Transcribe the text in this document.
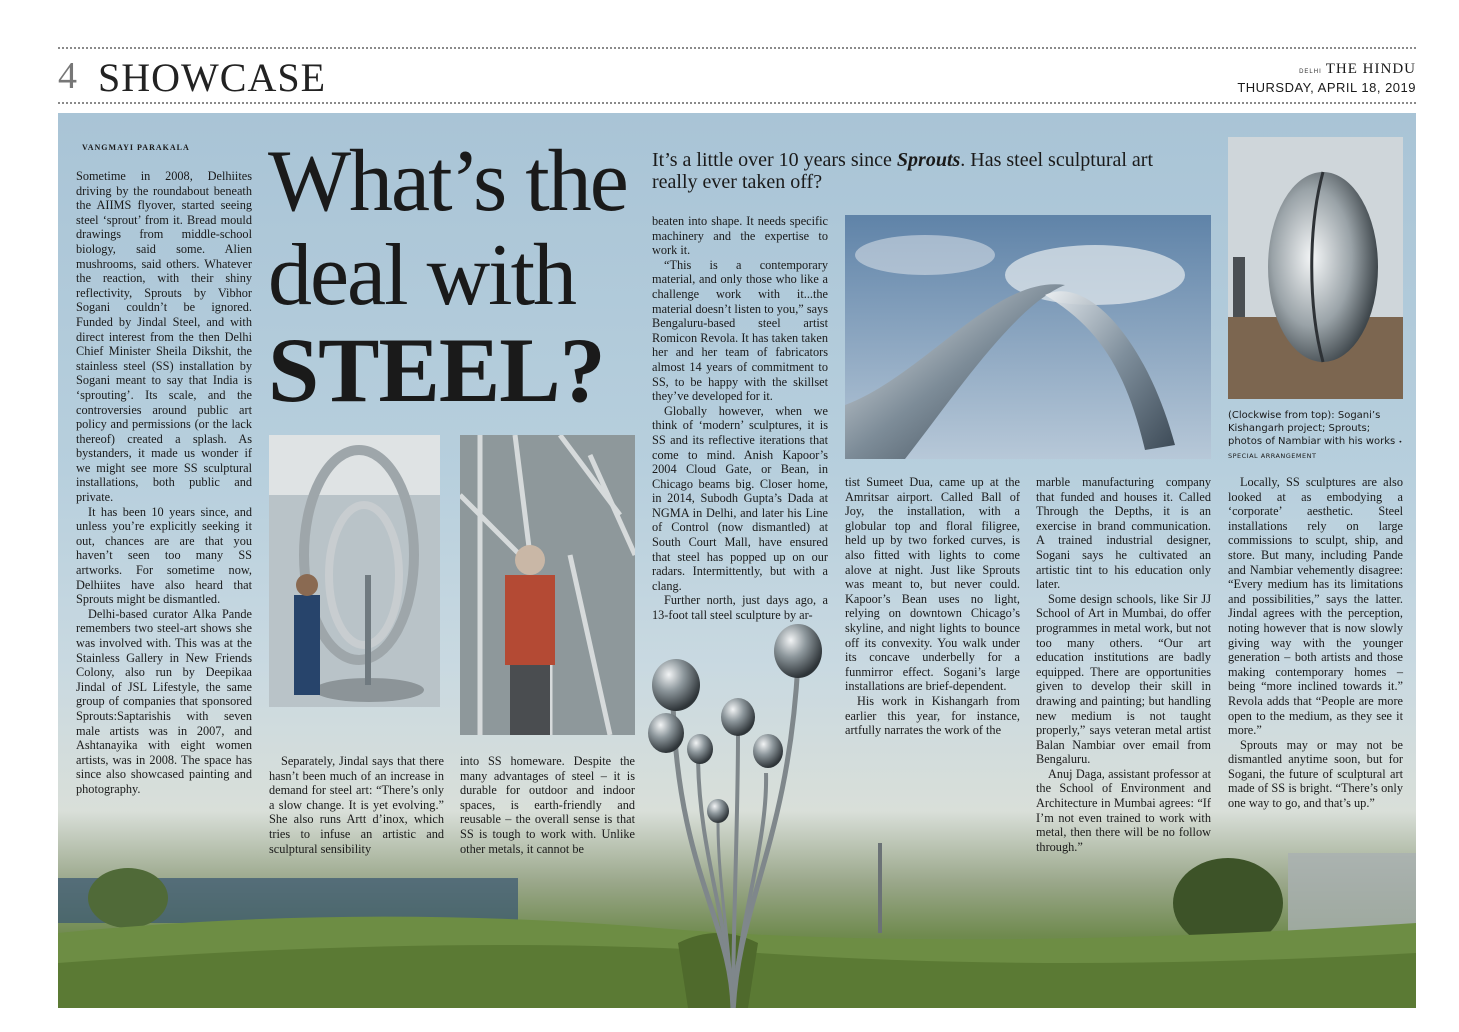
4 SHOWCASE	DELHI THE HINDU
THURSDAY, APRIL 18, 2019
VANGMAYI PARAKALA

Sometime in 2008, Delhiites driving by the roundabout beneath the AIIMS flyover, started seeing steel ‘sprout’ from it. Bread mould drawings from middle-school biology, said some. Alien mushrooms, said others. Whatever the reaction, with their shiny reflectivity, Sprouts by Vibhor Sogani couldn’t be ignored. Funded by Jindal Steel, and with direct interest from the then Delhi Chief Minister Sheila Dikshit, the stainless steel (SS) installation by Sogani meant to say that India is ‘sprouting’. Its scale, and the controversies around public art policy and permissions (or the lack thereof) created a splash. As bystanders, it made us wonder if we might see more SS sculptural installations, both public and private.

It has been 10 years since, and unless you’re explicitly seeking it out, chances are are that you haven’t seen too many SS artworks. For sometime now, Delhiites have also heard that Sprouts might be dismantled.

Delhi-based curator Alka Pande remembers two steel-art shows she was involved with. This was at the Stainless Gallery in New Friends Colony, also run by Deepikaa Jindal of JSL Lifestyle, the same group of companies that sponsored Sprouts:Saptarishis with seven male artists was in 2007, and Ashtanayika with eight women artists, was in 2008. The space has since also showcased painting and photography.

What’s the
deal with
STEEL?
It’s a little over 10 years since Sprouts. Has steel sculptural art really ever taken off?

Separately, Jindal says that there hasn’t been much of an increase in demand for steel art: “There’s only a slow change. It is yet evolving.” She also runs Artt d’inox, which tries to infuse an artistic and sculptural sensibility

into SS homeware. Despite the many advantages of steel – it is durable for outdoor and indoor spaces, is earth-friendly and reusable – the overall sense is that SS is tough to work with. Unlike other metals, it cannot be

beaten into shape. It needs specific machinery and the expertise to work it.

“This is a contemporary material, and only those who like a challenge work with it...the material doesn’t listen to you,” says Bengaluru-based steel artist Romicon Revola. It has taken taken her and her team of fabricators almost 14 years of commitment to SS, to be happy with the skillset they’ve developed for it.

Globally however, when we think of ‘modern’ sculptures, it is SS and its reflective iterations that come to mind. Anish Kapoor’s 2004 Cloud Gate, or Bean, in Chicago beams big. Closer home, in 2014, Subodh Gupta’s Dada at NGMA in Delhi, and later his Line of Control (now dismantled) at South Court Mall, have ensured that steel has popped up on our radars. Intermittently, but with a clang.

Further north, just days ago, a 13-foot tall steel sculpture by ar-

tist Sumeet Dua, came up at the Amritsar airport. Called Ball of Joy, the installation, with a globular top and floral filigree, held up by two forked curves, is also fitted with lights to come alove at night. Just like Sprouts was meant to, but never could. Kapoor’s Bean uses no light, relying on downtown Chicago’s skyline, and night lights to bounce off its convexity. You walk under its concave underbelly for a funmirror effect. Sogani’s large installations are brief-dependent.

His work in Kishangarh from earlier this year, for instance, artfully narrates the work of the

marble manufacturing company that funded and houses it. Called Through the Depths, it is an exercise in brand communication. A trained industrial designer, Sogani says he cultivated an artistic tint to his education only later.

Some design schools, like Sir JJ School of Art in Mumbai, do offer programmes in metal work, but not too many others. “Our art education institutions are badly equipped. There are opportunities given to develop their skill in drawing and painting; but handling new medium is not taught properly,” says veteran metal artist Balan Nambiar over email from Bengaluru.

Anuj Daga, assistant professor at the School of Environment and Architecture in Mumbai agrees: “If I’m not even trained to work with metal, then there will be no follow through.”

(Clockwise from top): Sogani’s Kishangarh project; Sprouts; photos of Nambiar with his works • SPECIAL ARRANGEMENT

Locally, SS sculptures are also looked at as embodying a ‘corporate’ aesthetic. Steel installations rely on large commissions to sculpt, ship, and store. But many, including Pande and Nambiar vehemently disagree: “Every medium has its limitations and possibilities,” says the latter. Jindal agrees with the perception, noting however that is now slowly giving way with the younger generation – both artists and those making contemporary homes – being “more inclined towards it.” Revola adds that “People are more open to the medium, as they see it more.”

Sprouts may or may not be dismantled anytime soon, but for Sogani, the future of sculptural art made of SS is bright. “There’s only one way to go, and that’s up.”
